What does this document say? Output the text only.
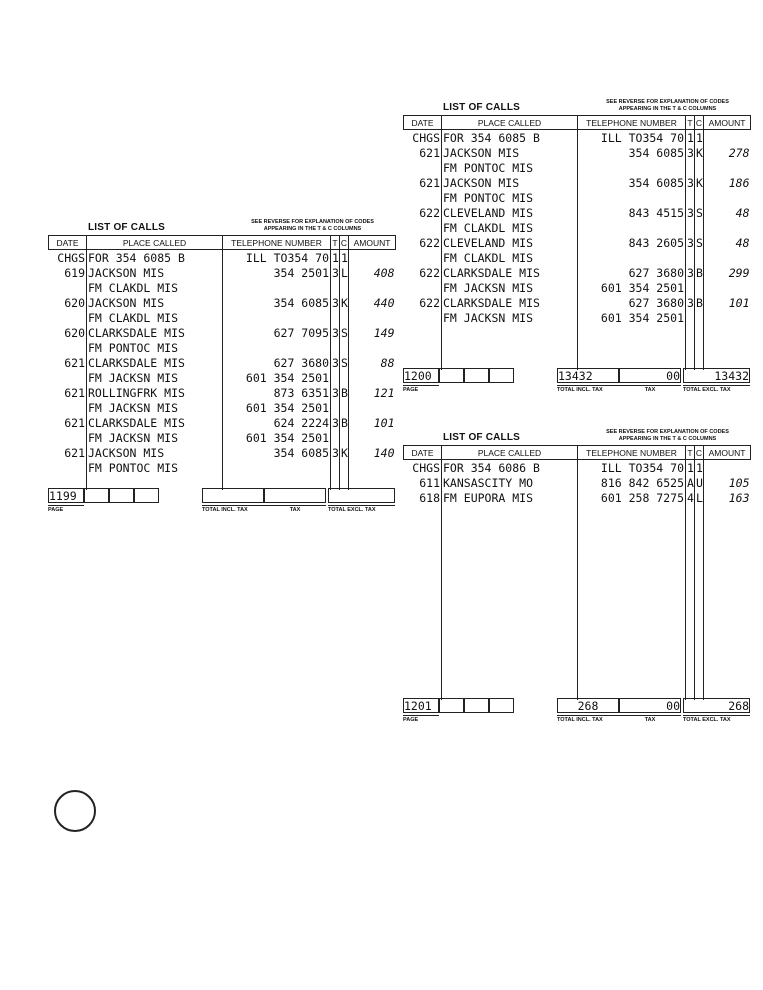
LIST OF CALLS	SEE REVERSE FOR EXPLANATION OF CODES
APPEARING IN THE T & C COLUMNS
DATE	PLACE CALLED	TELEPHONE NUMBER	T	C	AMOUNT
CHGS	FOR 354 6085 B	ILL TO354 70	1	1	
619	JACKSON MIS	354 2501	3	L	408
	FM CLAKDL MIS				
620	JACKSON MIS	354 6085	3	K	440
	FM CLAKDL MIS				
620	CLARKSDALE MIS	627 7095	3	S	149
	FM PONTOC MIS				
621	CLARKSDALE MIS	627 3680	3	S	88
	FM JACKSN MIS	601 354 2501			
621	ROLLINGFRK MIS	873 6351	3	B	121
	FM JACKSN MIS	601 354 2501			
621	CLARKSDALE MIS	624 2224	3	B	101
	FM JACKSN MIS	601 354 2501			
621	JACKSON MIS	354 6085	3	K	140
	FM PONTOC MIS				

1199
PAGE	TOTAL INCL. TAX	TAX	TOTAL EXCL. TAX
LIST OF CALLS	SEE REVERSE FOR EXPLANATION OF CODES
APPEARING IN THE T & C COLUMNS
DATE	PLACE CALLED	TELEPHONE NUMBER	T	C	AMOUNT
CHGS	FOR 354 6085 B	ILL TO354 70	1	1	
621	JACKSON MIS	354 6085	3	K	278
	FM PONTOC MIS				
621	JACKSON MIS	354 6085	3	K	186
	FM PONTOC MIS				
622	CLEVELAND MIS	843 4515	3	S	48
	FM CLAKDL MIS				
622	CLEVELAND MIS	843 2605	3	S	48
	FM CLAKDL MIS				
622	CLARKSDALE MIS	627 3680	3	B	299
	FM JACKSN MIS	601 354 2501			
622	CLARKSDALE MIS	627 3680	3	B	101
	FM JACKSN MIS	601 354 2501			

1200	13432	00	13432
PAGE	TOTAL INCL. TAX	TAX	TOTAL EXCL. TAX
LIST OF CALLS	SEE REVERSE FOR EXPLANATION OF CODES
APPEARING IN THE T & C COLUMNS
DATE	PLACE CALLED	TELEPHONE NUMBER	T	C	AMOUNT
CHGS	FOR 354 6086 B	ILL TO354 70	1	1	
611	KANSASCITY MO	816 842 6525	A	U	105
618	FM EUPORA MIS	601 258 7275	4	L	163

1201	268	00	268
PAGE	TOTAL INCL. TAX	TAX	TOTAL EXCL. TAX
